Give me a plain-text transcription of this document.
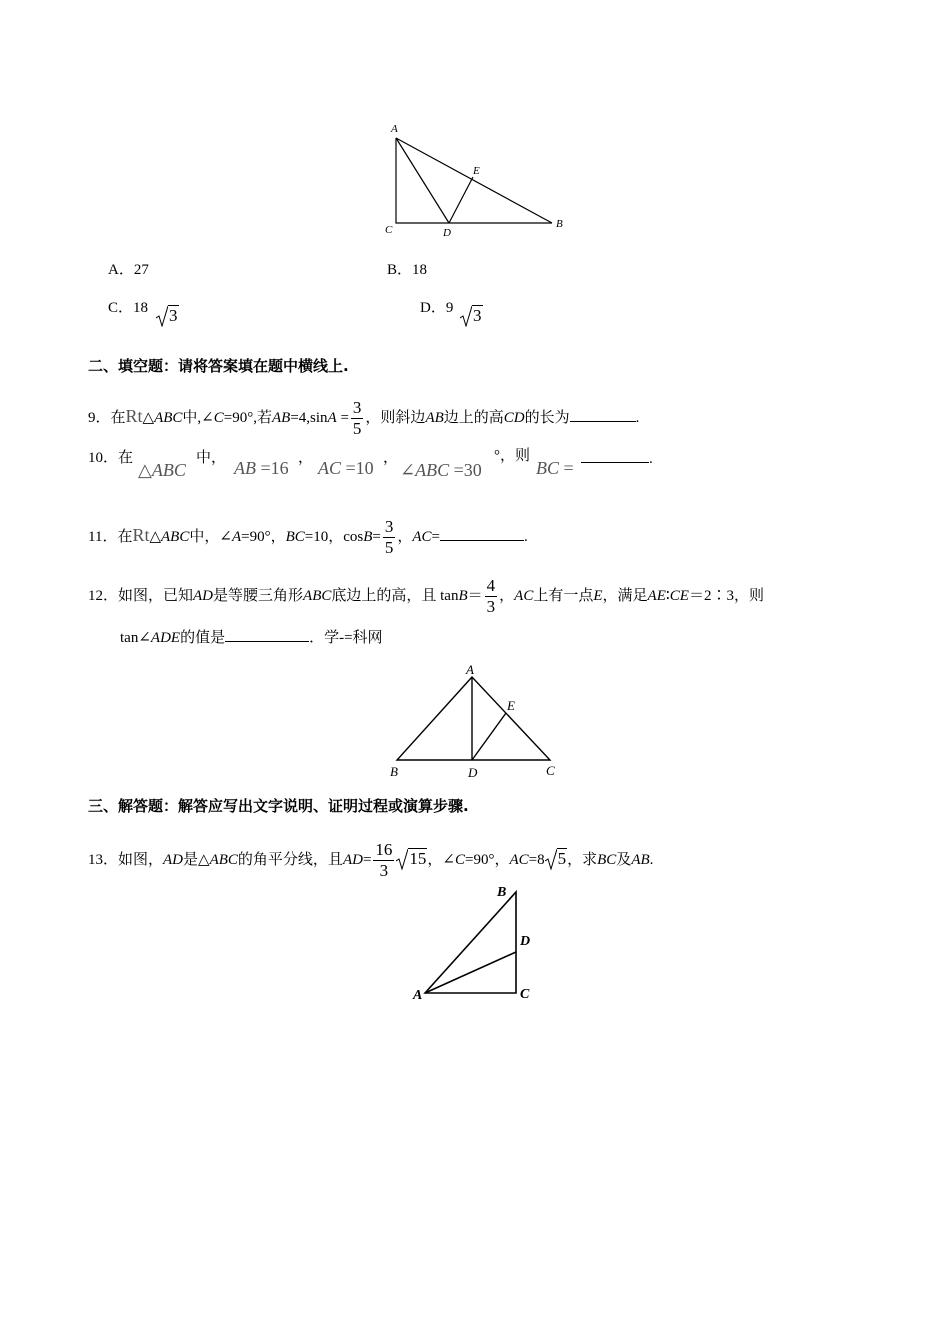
A
E
B
C	D
A．27	B．18
C．18	3	D．9	3
二、填空题：请将答案填在题中横线上.
9．在Rt△ABC中,∠C=90°,若$AB=4,\sin A = \frac{3}{5}$ ，则斜边AB边上的高CD的长为	.
10．在
△ABC
中， AB =16 ， AC =10 ，
∠ABC =30
°，则
BC =	.
11．在Rt△ABC中，∠A=90°，BC=10，$\cos B= \frac{3}{5}$ ，AC=	.
12．如图，已知AD是等腰三角形ABC底边上的高，且 $\tan B= \frac{4}{3}$ ，AC上有一点E，满足AE∶CE＝2∶3，则
tan∠ADE的值是	．学-=科网
A
E
B	D	C
三、解答题：解答应写出文字说明、证明过程或演算步骤.
13．如图，AD是△ABC的角平分线，且$AD= \frac{16}{3} 15$，∠C=90°，AC=8 5，求BC及AB.
B
D
A	C
